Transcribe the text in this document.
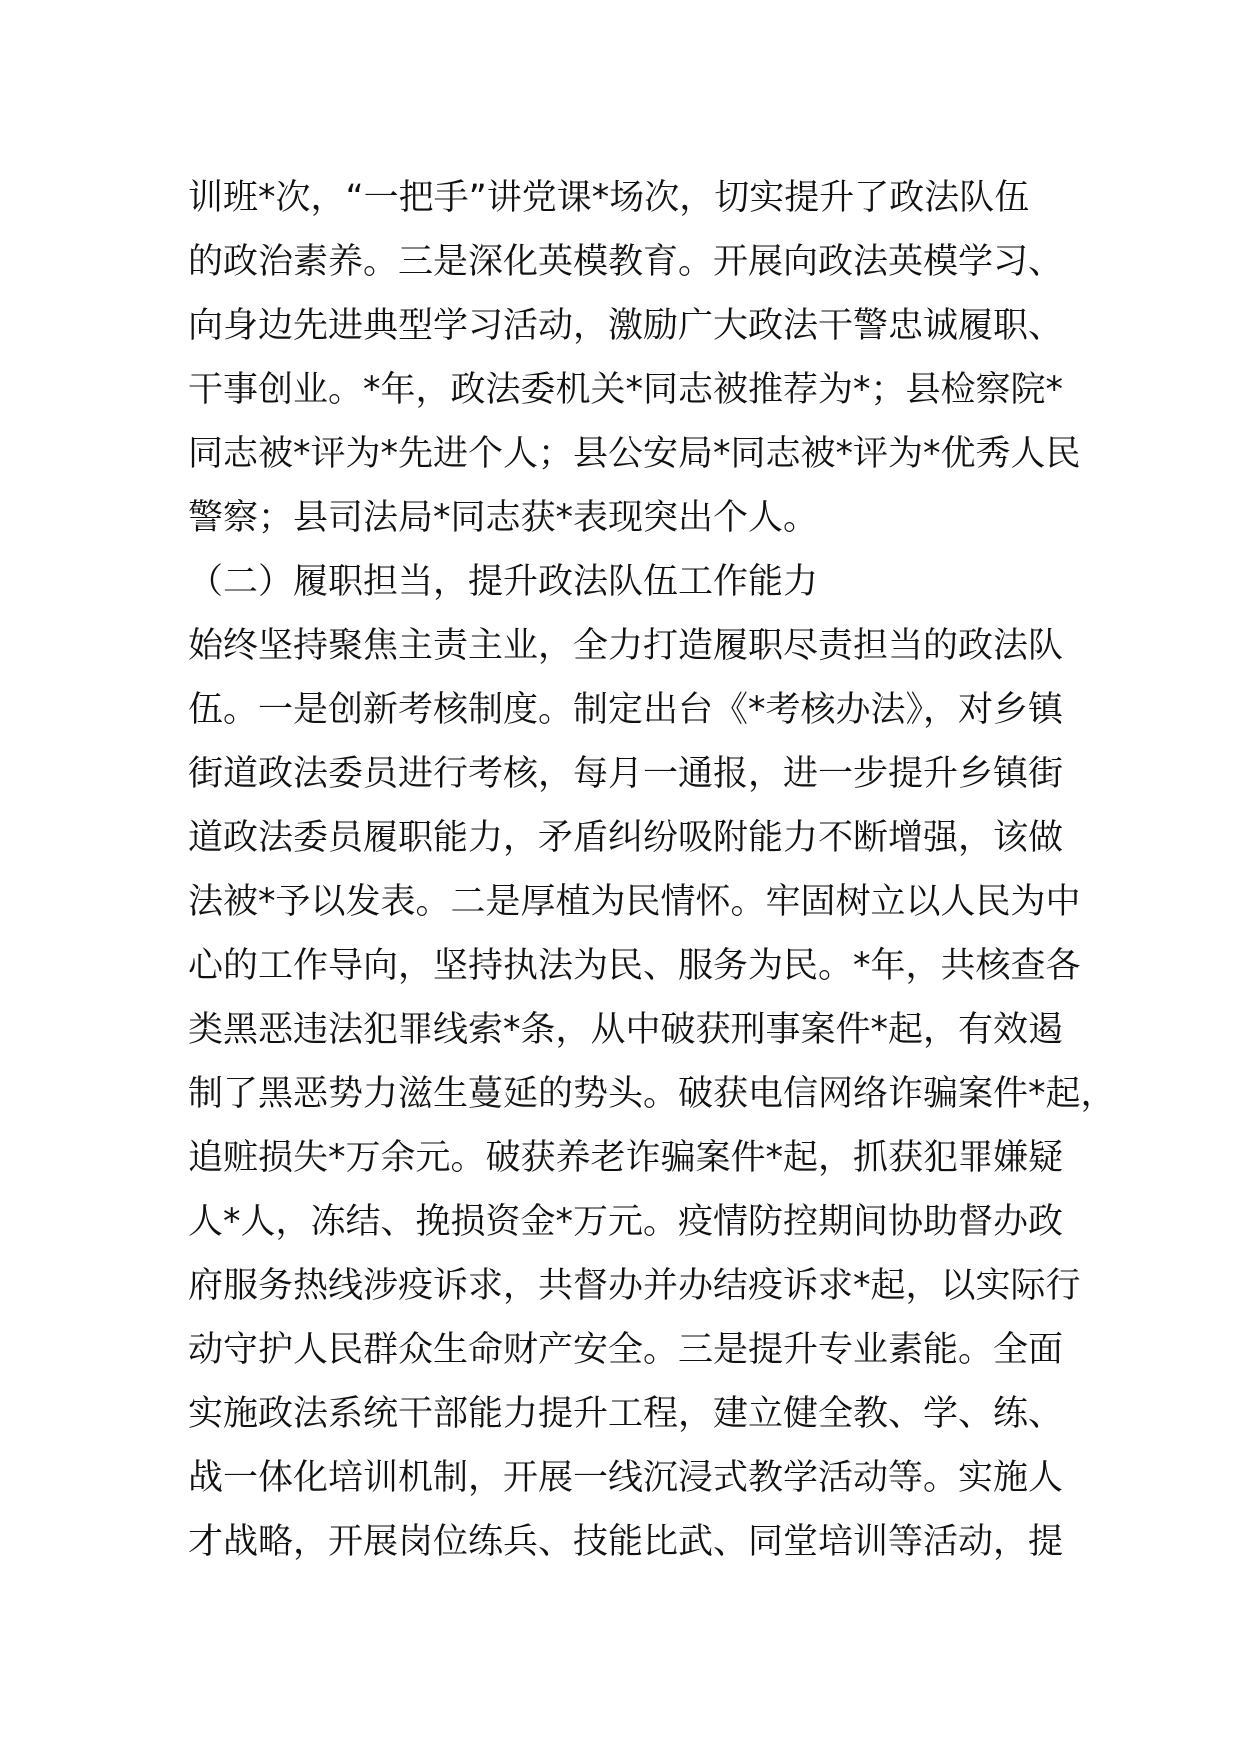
训班*次，“一把手”讲党课*场次，切实提升了政法队伍
的政治素养。三是深化英模教育。开展向政法英模学习、
向身边先进典型学习活动，激励广大政法干警忠诚履职、
干事创业。*年，政法委机关*同志被推荐为*；县检察院*
同志被*评为*先进个人；县公安局*同志被*评为*优秀人民
警察；县司法局*同志获*表现突出个人。
（二）履职担当，提升政法队伍工作能力
始终坚持聚焦主责主业，全力打造履职尽责担当的政法队
伍。一是创新考核制度。制定出台《*考核办法》，对乡镇
街道政法委员进行考核，每月一通报，进一步提升乡镇街
道政法委员履职能力，矛盾纠纷吸附能力不断增强，该做
法被*予以发表。二是厚植为民情怀。牢固树立以人民为中
心的工作导向，坚持执法为民、服务为民。*年，共核查各
类黑恶违法犯罪线索*条，从中破获刑事案件*起，有效遏
制了黑恶势力滋生蔓延的势头。破获电信网络诈骗案件*起，
追赃损失*万余元。破获养老诈骗案件*起，抓获犯罪嫌疑
人*人，冻结、挽损资金*万元。疫情防控期间协助督办政
府服务热线涉疫诉求，共督办并办结疫诉求*起，以实际行
动守护人民群众生命财产安全。三是提升专业素能。全面
实施政法系统干部能力提升工程，建立健全教、学、练、
战一体化培训机制，开展一线沉浸式教学活动等。实施人
才战略，开展岗位练兵、技能比武、同堂培训等活动，提
